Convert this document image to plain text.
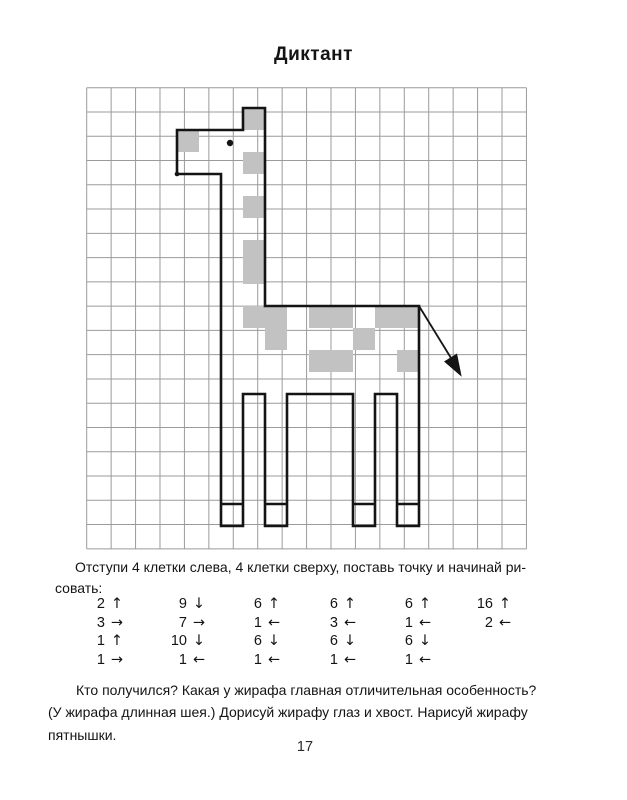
Диктант
Отступи 4 клетки слева, 4 клетки сверху, поставь точку и начинай ри-
совать:
2 ↑	9 ↓	6 ↑	6 ↑	6 ↑	16 ↑
3 →	7 →	1 ←	3 ←	1 ←	2 ←
1 ↑	10 ↓	6 ↓	6 ↓	6 ↓
1 →	1 ←	1 ←	1 ←	1 ←
Кто получился? Какая у жирафа главная отличительная особенность?
(У жирафа длинная шея.) Дорисуй жирафу глаз и хвост. Нарисуй жирафу
пятнышки.
17
